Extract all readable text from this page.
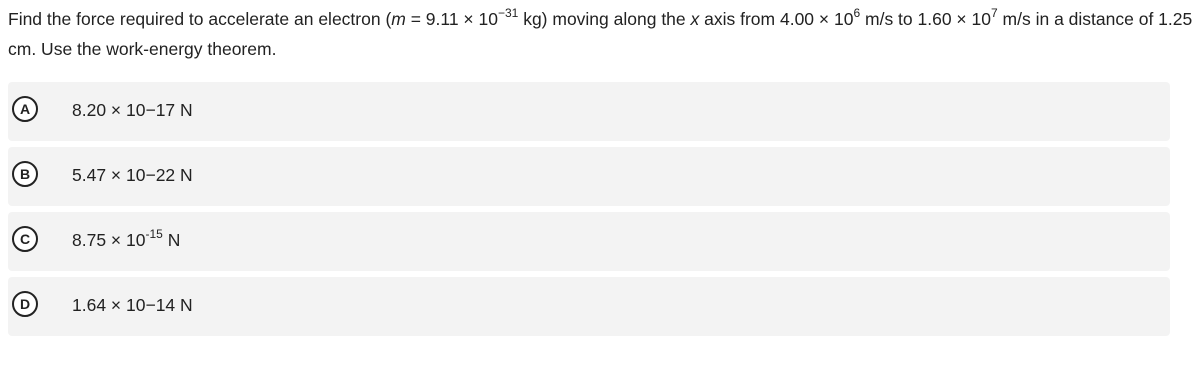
Find the force required to accelerate an electron ($m = 9.11 \times 10^{-31}$ kg) moving along the x axis from $4.00 \times 10^6$ m/s to $1.60 \times 10^7$ m/s in a distance of 1.25 cm. Use the work-energy theorem.
A	8.20 × 10−17 N
B	5.47 × 10−22 N
C	$8.75 \times 10^{-15}$ N
D	1.64 × 10−14 N
